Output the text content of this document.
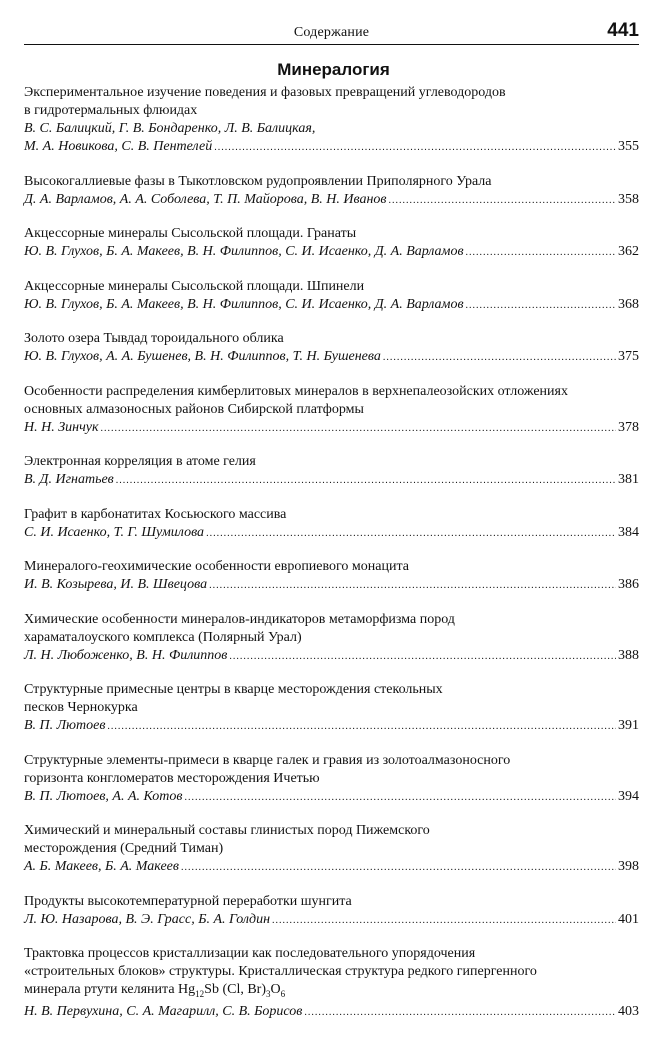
Содержание	441
Минералогия
Экспериментальное изучение поведения и фазовых превращений углеводородов
в гидротермальных флюидах
В. С. Балицкий, Г. В. Бондаренко, Л. В. Балицкая,
М. А. Новикова, С. В. Пентелей .....	355
Высокогаллиевые фазы в Тыкотловском рудопроявлении Приполярного Урала
Д. А. Варламов, А. А. Соболева, Т. П. Майорова, В. Н. Иванов .....	358
Акцессорные минералы Сысольской площади. Гранаты
Ю. В. Глухов, Б. А. Макеев, В. Н. Филиппов, С. И. Исаенко, Д. А. Варламов .....	362
Акцессорные минералы Сысольской площади. Шпинели
Ю. В. Глухов, Б. А. Макеев, В. Н. Филиппов, С. И. Исаенко, Д. А. Варламов .....	368
Золото озера Тывдад тороидального облика
Ю. В. Глухов, А. А. Бушенев, В. Н. Филиппов, Т. Н. Бушенева .....	375
Особенности распределения кимберлитовых минералов в верхнепалеозойских отложениях
основных алмазоносных районов Сибирской платформы
Н. Н. Зинчук .....	378
Электронная корреляция в атоме гелия
В. Д. Игнатьев .....	381
Графит в карбонатитах Косьюского массива
С. И. Исаенко, Т. Г. Шумилова .....	384
Минералого-геохимические особенности европиевого монацита
И. В. Козырева, И. В. Швецова .....	386
Химические особенности минералов-индикаторов метаморфизма пород
хараматалоуского комплекса (Полярный Урал)
Л. Н. Любоженко, В. Н. Филиппов .....	388
Структурные примесные центры в кварце месторождения стекольных
песков Чернокурка
В. П. Лютоев .....	391
Структурные элементы-примеси в кварце галек и гравия из золотоалмазоносного
горизонта конгломератов месторождения Ичетью
В. П. Лютоев, А. А. Котов .....	394
Химический и минеральный составы глинистых пород Пижемского
месторождения (Средний Тиман)
А. Б. Макеев, Б. А. Макеев .....	398
Продукты высокотемпературной переработки шунгита
Л. Ю. Назарова, В. Э. Грасс, Б. А. Голдин .....	401
Трактовка процессов кристаллизации как последовательного упорядочения
«строительных блоков» структуры. Кристаллическая структура редкого гипергенного
минерала ртути келянита $Hg_{12}Sb$ (Cl, $Br)_3O_6$
Н. В. Первухина, С. А. Магарилл, С. В. Борисов .....	403
